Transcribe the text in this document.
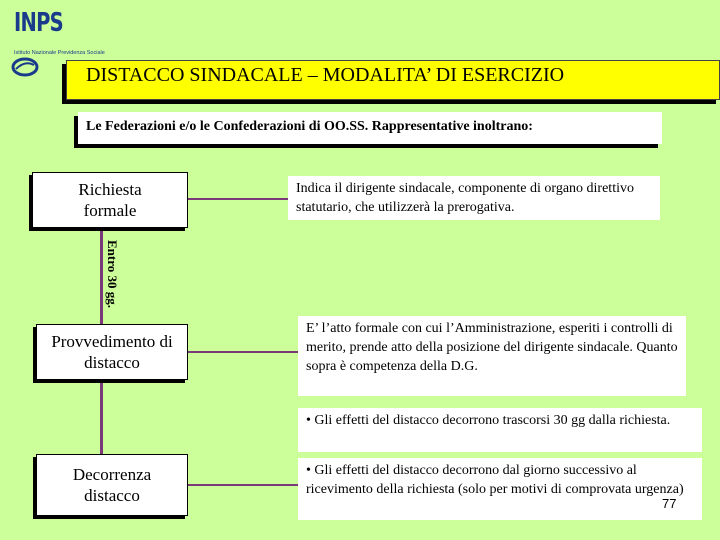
INPS
Istituto Nazionale Previdenza Sociale
DISTACCO SINDACALE – MODALITA’ DI ESERCIZIO
Le Federazioni e/o le Confederazioni di OO.SS. Rappresentative inoltrano:
Richiesta formale
Indica il dirigente sindacale, componente di organo direttivo statutario, che utilizzerà la prerogativa.
Entro 30 gg.
Provvedimento di distacco
E’ l’atto formale con cui l’Amministrazione, esperiti i controlli di merito, prende atto della posizione del dirigente sindacale. Quanto sopra è competenza della D.G.
• Gli effetti del distacco decorrono trascorsi 30 gg dalla richiesta.
Decorrenza distacco
• Gli effetti del distacco decorrono dal giorno successivo al ricevimento della richiesta (solo per motivi di comprovata urgenza)
77
